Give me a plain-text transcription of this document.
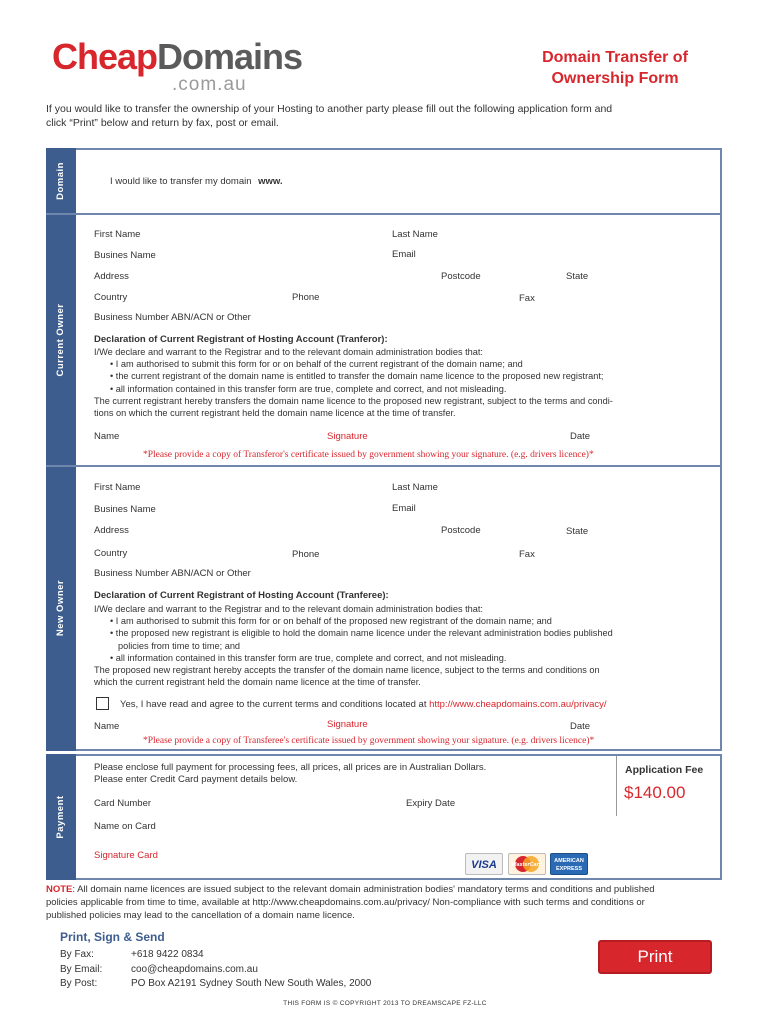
CheapDomains
.com.au
Domain Transfer of
Ownership Form
If you would like to transfer the ownership of your Hosting to another party please fill out the following application form and
click “Print” below and return by fax, post or email.
Domain	I would like to transfer my domain www.
Current Owner
First Name	Last Name
Busines Name	Email
Address	Postcode	State
Country	Phone	Fax
Business Number ABN/ACN or Other
Declaration of Current Registrant of Hosting Account (Tranferor):
I/We declare and warrant to the Registrar and to the relevant domain administration bodies that:
• I am authorised to submit this form for or on behalf of the current registrant of the domain name; and
• the current registrant of the domain name is entitled to transfer the domain name licence to the proposed new registrant;
• all information contained in this transfer form are true, complete and correct, and not misleading.
The current registrant hereby transfers the domain name licence to the proposed new registrant, subject to the terms and condi-
tions on which the current registrant held the domain name licence at the time of transfer.
Name	Signature	Date
*Please provide a copy of Transferor's certificate issued by government showing your signature. (e.g. drivers licence)*
New Owner
First Name	Last Name
Busines Name	Email
Address	Postcode	State
Country	Phone	Fax
Business Number ABN/ACN or Other
Declaration of Current Registrant of Hosting Account (Tranferee):
I/We declare and warrant to the Registrar and to the relevant domain administration bodies that:
• I am authorised to submit this form for or on behalf of the proposed new registrant of the domain name; and
• the proposed new registrant is eligible to hold the domain name licence under the relevant administration bodies published
policies from time to time; and
• all information contained in this transfer form are true, complete and correct, and not misleading.
The proposed new registrant hereby accepts the transfer of the domain name licence, subject to the terms and conditions on
which the current registrant held the domain name licence at the time of transfer.
Yes, I have read and agree to the current terms and conditions located at http://www.cheapdomains.com.au/privacy/
Name	Signature	Date
*Please provide a copy of Transferee's certificate issued by government showing your signature. (e.g. drivers licence)*
Payment
Please enclose full payment for processing fees, all prices, all prices are in Australian Dollars.
Please enter Credit Card payment details below.
Card Number	Expiry Date
Name on Card
Signature Card
Application Fee
$140.00
VISA	MasterCard
AMERICAN
EXPRESS
NOTE: All domain name licences are issued subject to the relevant domain administration bodies' mandatory terms and conditions and published
policies applicable from time to time, available at http://www.cheapdomains.com.au/privacy/ Non-compliance with such terms and conditions or
published policies may lead to the cancellation of a domain name licence.
Print, Sign & Send
By Fax:	+618 9422 0834
By Email:	coo@cheapdomains.com.au
By Post:	PO Box A2191 Sydney South New South Wales, 2000
Print
THIS FORM IS © COPYRIGHT 2013 TO DREAMSCAPE FZ-LLC
